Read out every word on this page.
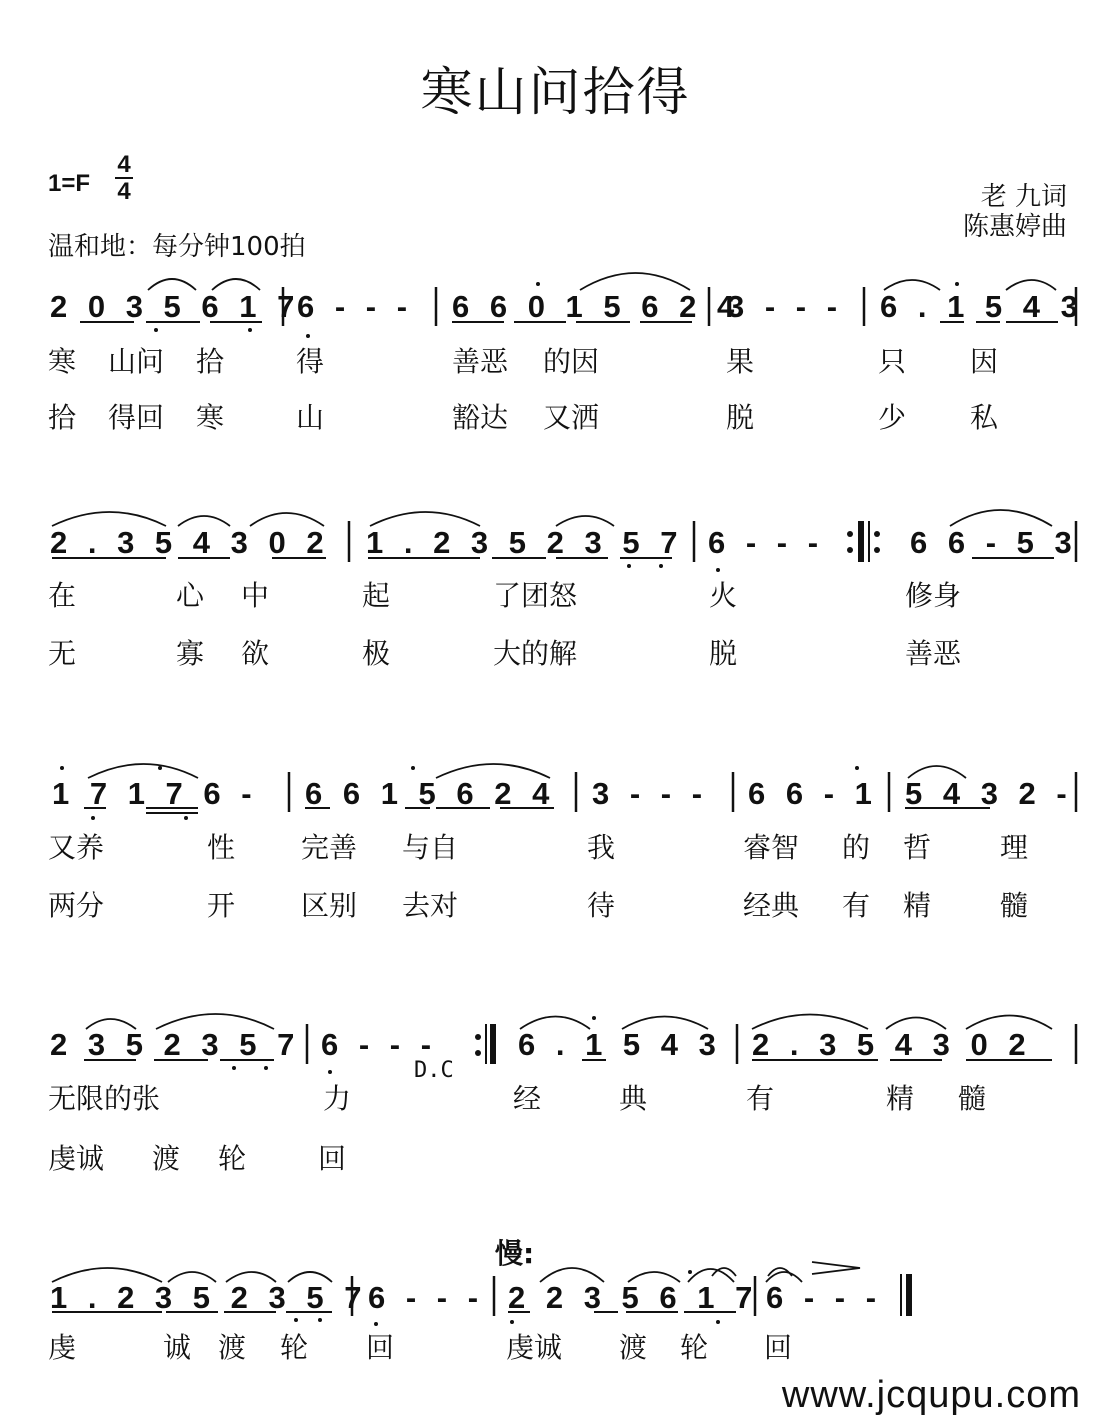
寒山问拾得
1=F
4
4
温和地：每分钟100拍
老 九词
陈惠婷曲
2 0 3 5 6 1 7
6 - - - 6 6 0 1 5 6 2 4
3 - - - 6 . 1 5 4 3
寒 山问 拾	得	善恶 的因	果	只 因
拾 得回 寒	山	豁达 又洒	脱	少 私
2 . 3 5 4 3 0 2 1 . 2 3 5 2 3 5 7 6 - - -	6 6 - 5 3
在	心 中	起	了团怒	火	修身
无	寡 欲	极	大的解	脱	善恶
1 7 1 7 6 - 6 6 1 5 6 2 4 3 - - - 6 6 - 1 5 4 3 2 -
又养	性 完善 与自	我	睿智 的 哲 理
两分	开 区别 去对	待	经典 有 精 髓
2 3 5 2 3 5 7 6 - - -	6 . 1 5 4 3 2 . 3 5 4 3 0 2
D.C
无限的张	力	经	典	有	精 髓
虔诚 渡 轮	回
慢:
1 . 2 3 5 2 3 5 7 6 - - - 2 2 3 5 6 1 7 6 - - -
虔	诚 渡 轮 回	虔诚 渡 轮 回
www.jcqupu.com
